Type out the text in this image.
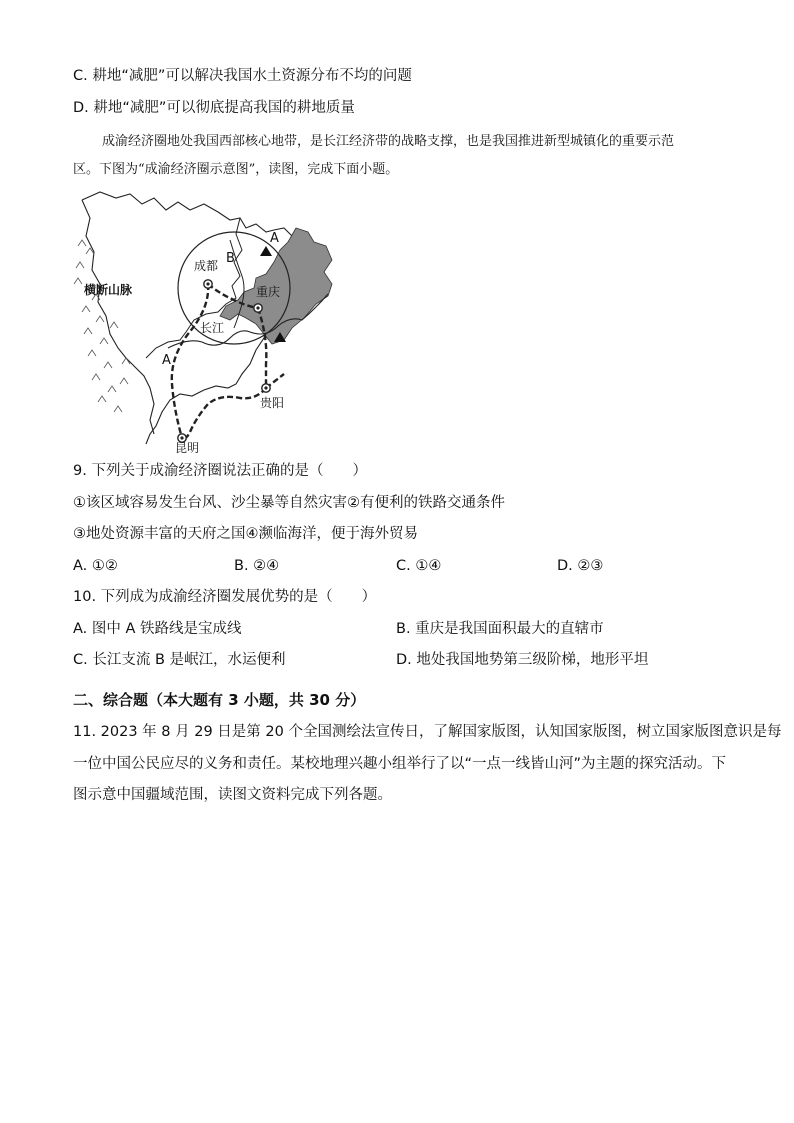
C. 耕地“减肥”可以解决我国水土资源分布不均的问题
D. 耕地“减肥”可以彻底提高我国的耕地质量
成渝经济圈地处我国西部核心地带，是长江经济带的战略支撑，也是我国推进新型城镇化的重要示范
区。下图为“成渝经济圈示意图”，读图，完成下面小题。
横断山脉
成都
重庆
长江
贵阳
昆明
A
A
B
9. 下列关于成渝经济圈说法正确的是（　　）
①该区域容易发生台风、沙尘暴等自然灾害②有便利的铁路交通条件
③地处资源丰富的天府之国④濒临海洋，便于海外贸易
A. ①②	B. ②④	C. ①④	D. ②③
10. 下列成为成渝经济圈发展优势的是（　　）
A. 图中 A 铁路线是宝成线	B. 重庆是我国面积最大的直辖市
C. 长江支流 B 是岷江，水运便利	D. 地处我国地势第三级阶梯，地形平坦
二、综合题（本大题有 3 小题，共 30 分）
11. 2023 年 8 月 29 日是第 20 个全国测绘法宣传日，了解国家版图，认知国家版图，树立国家版图意识是每
一位中国公民应尽的义务和责任。某校地理兴趣小组举行了以“一点一线皆山河”为主题的探究活动。下
图示意中国疆域范围，读图文资料完成下列各题。
